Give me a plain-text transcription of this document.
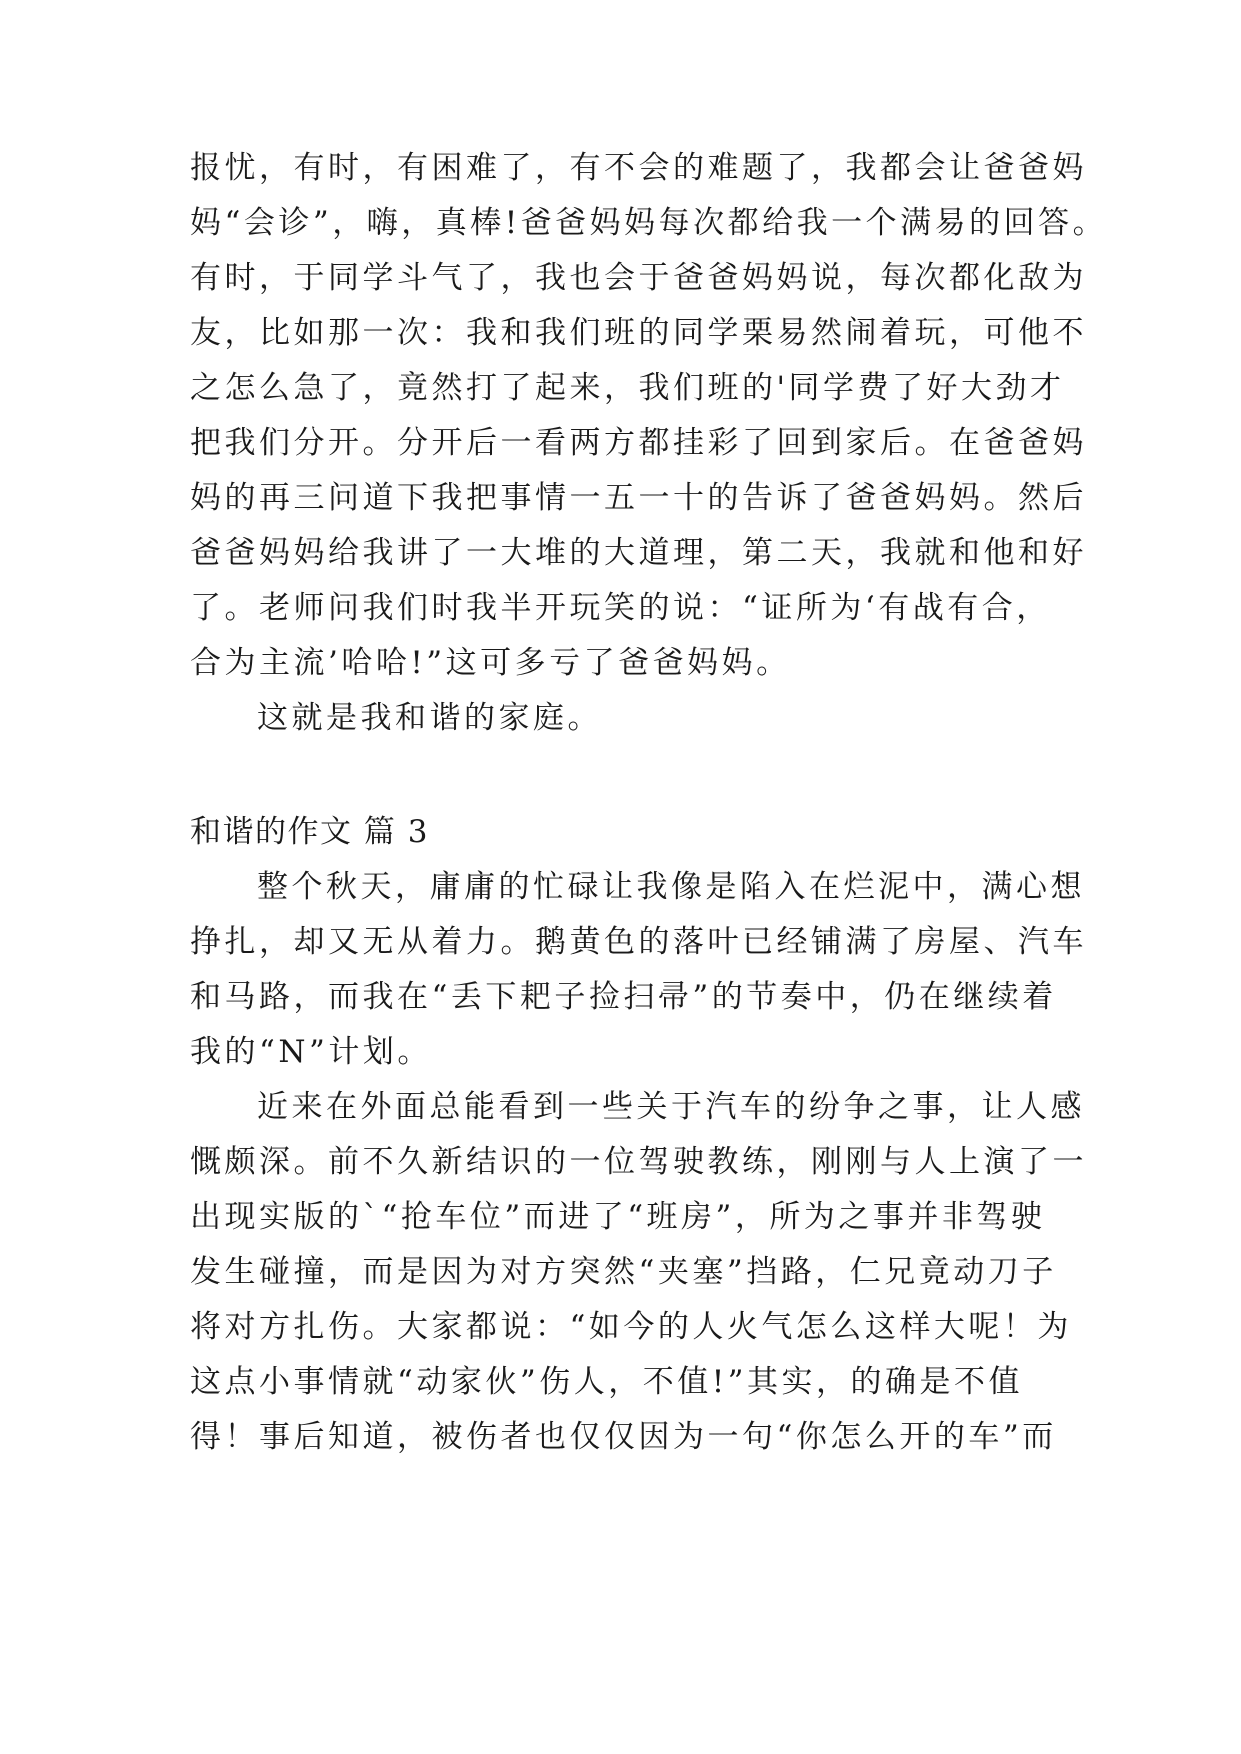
报忧，有时，有困难了，有不会的难题了，我都会让爸爸妈
妈“会诊”，嗨，真棒!爸爸妈妈每次都给我一个满易的回答。
有时，于同学斗气了，我也会于爸爸妈妈说，每次都化敌为
友，比如那一次：我和我们班的同学栗易然闹着玩，可他不
之怎么急了，竟然打了起来，我们班的'同学费了好大劲才
把我们分开。分开后一看两方都挂彩了回到家后。在爸爸妈
妈的再三问道下我把事情一五一十的告诉了爸爸妈妈。然后
爸爸妈妈给我讲了一大堆的大道理，第二天，我就和他和好
了。老师问我们时我半开玩笑的说：“证所为‘有战有合，
合为主流’哈哈!”这可多亏了爸爸妈妈。
这就是我和谐的家庭。
和谐的作文 篇 3
整个秋天，庸庸的忙碌让我像是陷入在烂泥中，满心想
挣扎，却又无从着力。鹅黄色的落叶已经铺满了房屋、汽车
和马路，而我在“丢下耙子捡扫帚”的节奏中，仍在继续着
我的“N”计划。
近来在外面总能看到一些关于汽车的纷争之事，让人感
慨颇深。前不久新结识的一位驾驶教练，刚刚与人上演了一
出现实版的`“抢车位”而进了“班房”，所为之事并非驾驶
发生碰撞，而是因为对方突然“夹塞”挡路，仁兄竟动刀子
将对方扎伤。大家都说：“如今的人火气怎么这样大呢！为
这点小事情就“动家伙”伤人，不值!”其实，的确是不值
得！事后知道，被伤者也仅仅因为一句“你怎么开的车”而
